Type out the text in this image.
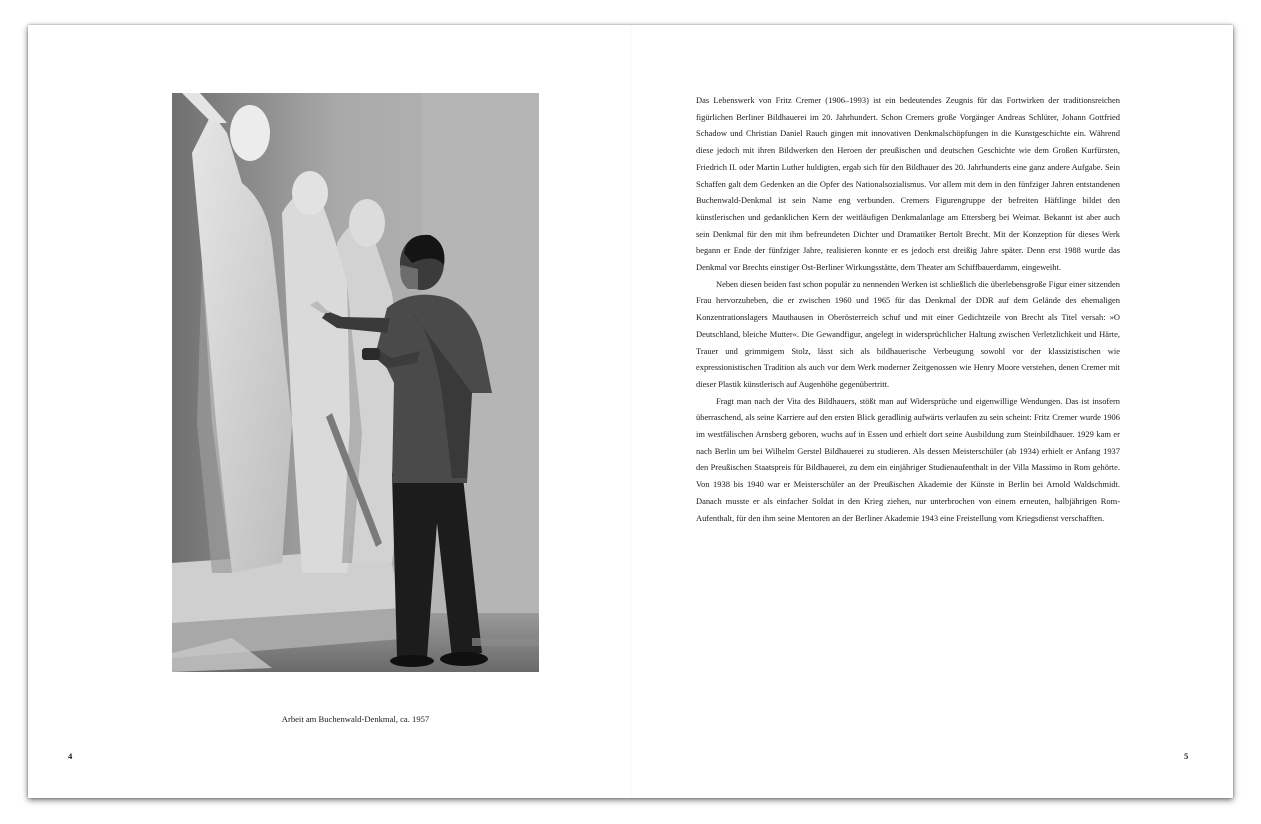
Arbeit am Buchenwald-Denkmal, ca. 1957
4

Das Lebenswerk von Fritz Cremer (1906–1993) ist ein bedeutendes Zeugnis für das Fortwirken der traditionsreichen figürlichen Berliner Bildhauerei im 20. Jahrhundert. Schon Cremers große Vorgänger Andreas Schlüter, Johann Gottfried Schadow und Christian Daniel Rauch gingen mit innovativen Denkmalschöpfungen in die Kunstgeschichte ein. Während diese jedoch mit ihren Bildwerken den Heroen der preußischen und deutschen Geschichte wie dem Großen Kurfürsten, Friedrich II. oder Martin Luther huldigten, ergab sich für den Bildhauer des 20. Jahrhunderts eine ganz andere Aufgabe. Sein Schaffen galt dem Gedenken an die Opfer des Nationalsozialismus. Vor allem mit dem in den fünfziger Jahren entstandenen Buchenwald-Denkmal ist sein Name eng verbunden. Cremers Figurengruppe der befreiten Häftlinge bildet den künstlerischen und gedanklichen Kern der weitläufigen Denkmalanlage am Ettersberg bei Weimar. Bekannt ist aber auch sein Denkmal für den mit ihm befreundeten Dichter und Dramatiker Bertolt Brecht. Mit der Konzeption für dieses Werk begann er Ende der fünfziger Jahre, realisieren konnte er es jedoch erst dreißig Jahre später. Denn erst 1988 wurde das Denkmal vor Brechts einstiger Ost-Berliner Wirkungsstätte, dem Theater am Schiffbauerdamm, eingeweiht.

Neben diesen beiden fast schon populär zu nennenden Werken ist schließlich die überlebensgroße Figur einer sitzenden Frau hervorzuheben, die er zwischen 1960 und 1965 für das Denkmal der DDR auf dem Gelände des ehemaligen Konzentrationslagers Mauthausen in Oberösterreich schuf und mit einer Gedichtzeile von Brecht als Titel versah: »O Deutschland, bleiche Mutter«. Die Gewandfigur, angelegt in widersprüchlicher Haltung zwischen Verletzlichkeit und Härte, Trauer und grimmigem Stolz, lässt sich als bildhauerische Verbeugung sowohl vor der klassizistischen wie expressionistischen Tradition als auch vor dem Werk moderner Zeitgenossen wie Henry Moore verstehen, denen Cremer mit dieser Plastik künstlerisch auf Augenhöhe gegenübertritt.

Fragt man nach der Vita des Bildhauers, stößt man auf Widersprüche und eigenwillige Wendungen. Das ist insofern überraschend, als seine Karriere auf den ersten Blick geradlinig aufwärts verlaufen zu sein scheint: Fritz Cremer wurde 1906 im westfälischen Arnsberg geboren, wuchs auf in Essen und erhielt dort seine Ausbildung zum Steinbildhauer. 1929 kam er nach Berlin um bei Wilhelm Gerstel Bildhauerei zu studieren. Als dessen Meisterschüler (ab 1934) erhielt er Anfang 1937 den Preußischen Staatspreis für Bildhauerei, zu dem ein einjähriger Studienaufenthalt in der Villa Massimo in Rom gehörte. Von 1938 bis 1940 war er Meisterschüler an der Preußischen Akademie der Künste in Berlin bei Arnold Waldschmidt. Danach musste er als einfacher Soldat in den Krieg ziehen, nur unterbrochen von einem erneuten, halbjährigen Rom-Aufenthalt, für den ihm seine Mentoren an der Berliner Akademie 1943 eine Freistellung vom Kriegsdienst verschafften.

5
